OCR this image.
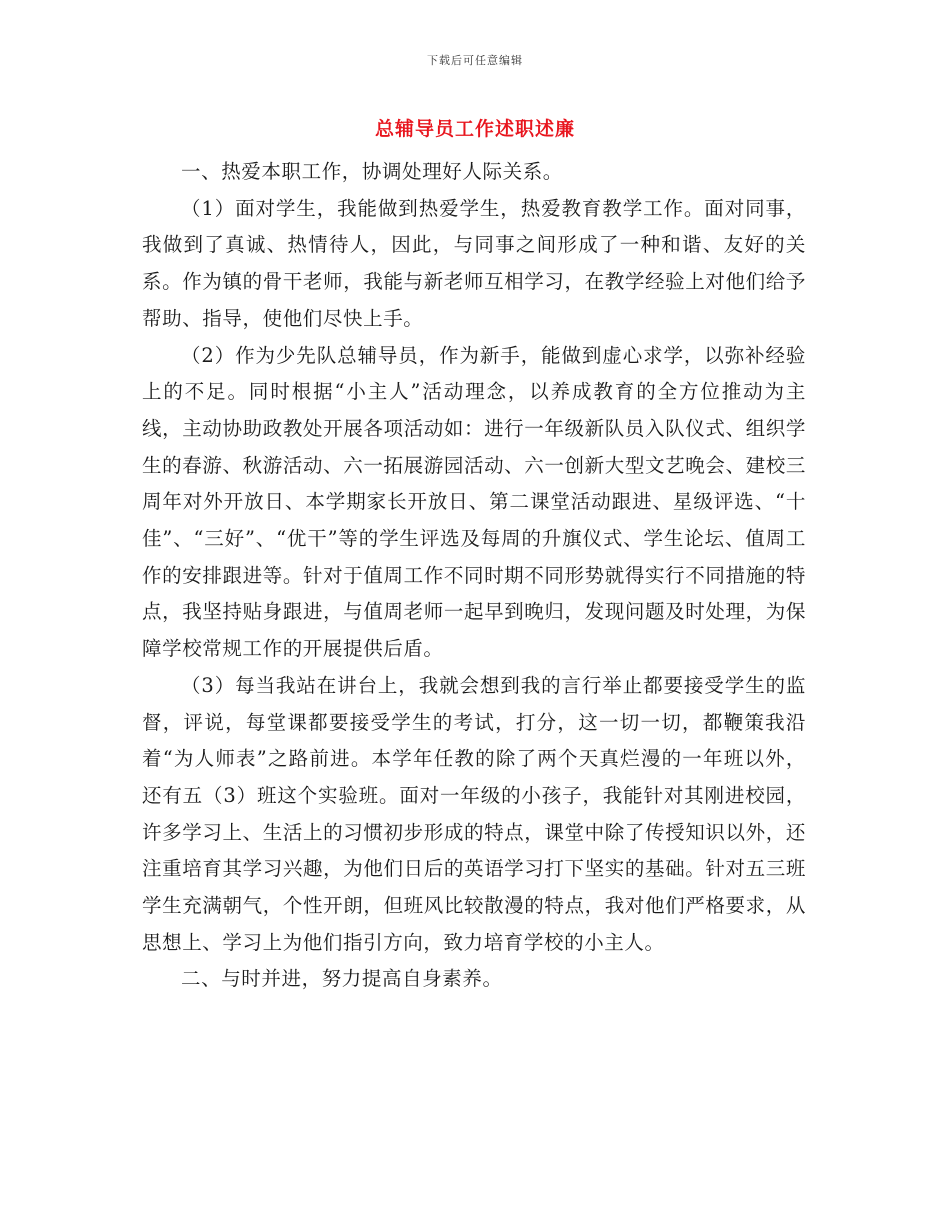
下载后可任意编辑
总辅导员工作述职述廉

一、热爱本职工作，协调处理好人际关系。

（1）面对学生，我能做到热爱学生，热爱教育教学工作。面对同事，我做到了真诚、热情待人，因此，与同事之间形成了一种和谐、友好的关系。作为镇的骨干老师，我能与新老师互相学习，在教学经验上对他们给予帮助、指导，使他们尽快上手。

（2）作为少先队总辅导员，作为新手，能做到虚心求学，以弥补经验上的不足。同时根据“小主人”活动理念，以养成教育的全方位推动为主线，主动协助政教处开展各项活动如：进行一年级新队员入队仪式、组织学生的春游、秋游活动、六一拓展游园活动、六一创新大型文艺晚会、建校三周年对外开放日、本学期家长开放日、第二课堂活动跟进、星级评选、“十佳”、“三好”、“优干”等的学生评选及每周的升旗仪式、学生论坛、值周工作的安排跟进等。针对于值周工作不同时期不同形势就得实行不同措施的特点，我坚持贴身跟进，与值周老师一起早到晚归，发现问题及时处理，为保障学校常规工作的开展提供后盾。

（3）每当我站在讲台上，我就会想到我的言行举止都要接受学生的监督，评说，每堂课都要接受学生的考试，打分，这一切一切，都鞭策我沿着“为人师表”之路前进。本学年任教的除了两个天真烂漫的一年班以外，还有五（3）班这个实验班。面对一年级的小孩子，我能针对其刚进校园，许多学习上、生活上的习惯初步形成的特点，课堂中除了传授知识以外，还注重培育其学习兴趣，为他们日后的英语学习打下坚实的基础。针对五三班学生充满朝气，个性开朗，但班风比较散漫的特点，我对他们严格要求，从思想上、学习上为他们指引方向，致力培育学校的小主人。

二、与时并进，努力提高自身素养。
